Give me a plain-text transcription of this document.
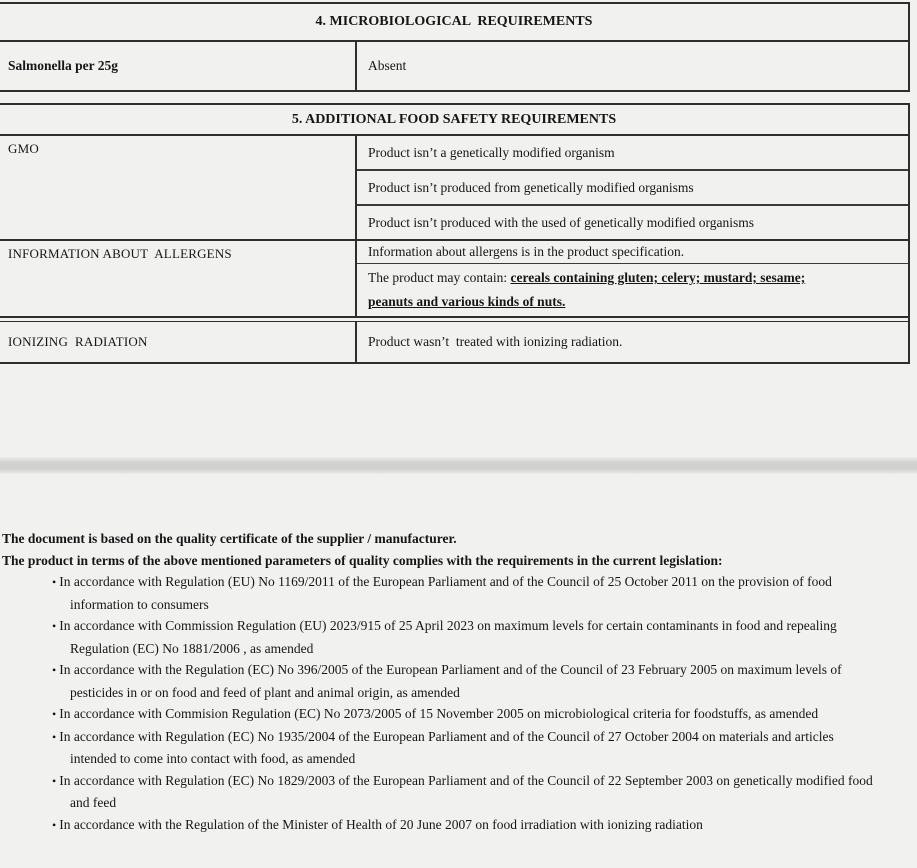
4. MICROBIOLOGICAL  REQUIREMENTS
Salmonella per 25g	Absent
5. ADDITIONAL FOOD SAFETY REQUIREMENTS
GMO	Product isn’t a genetically modified organism
Product isn’t produced from genetically modified organisms
Product isn’t produced with the used of genetically modified organisms
INFORMATION ABOUT  ALLERGENS	Information about allergens is in the product specification.
The product may contain: cereals containing gluten; celery; mustard; sesame; peanuts and various kinds of nuts.
IONIZING  RADIATION	Product wasn’t  treated with ionizing radiation.
The document is based on the quality certificate of the supplier / manufacturer.
The product in terms of the above mentioned parameters of quality complies with the requirements in the current legislation:
• In accordance with Regulation (EU) No 1169/2011 of the European Parliament and of the Council of 25 October 2011 on the provision of food information to consumers
• In accordance with Commission Regulation (EU) 2023/915 of 25 April 2023 on maximum levels for certain contaminants in food and repealing Regulation (EC) No 1881/2006 , as amended
• In accordance with the Regulation (EC) No 396/2005 of the European Parliament and of the Council of 23 February 2005 on maximum levels of pesticides in or on food and feed of plant and animal origin, as amended
• In accordance with Commision Regulation (EC) No 2073/2005 of 15 November 2005 on microbiological criteria for foodstuffs, as amended
• In accordance with Regulation (EC) No 1935/2004 of the European Parliament and of the Council of 27 October 2004 on materials and articles intended to come into contact with food, as amended
• In accordance with Regulation (EC) No 1829/2003 of the European Parliament and of the Council of 22 September 2003 on genetically modified food and feed
• In accordance with the Regulation of the Minister of Health of 20 June 2007 on food irradiation with ionizing radiation
